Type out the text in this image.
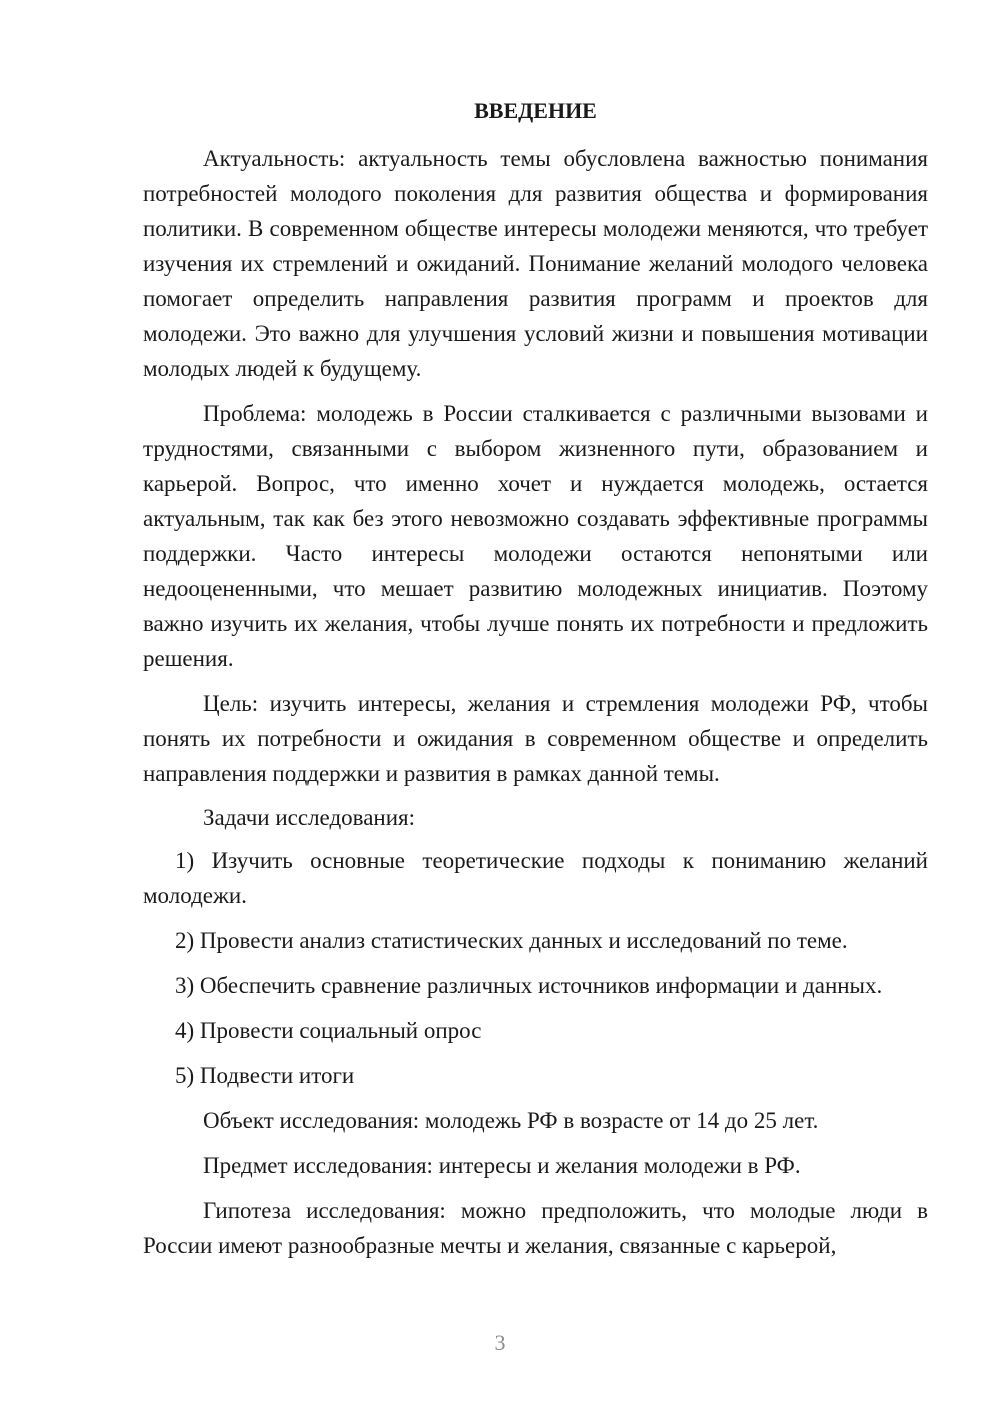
ВВЕДЕНИЕ

Актуальность: актуальность темы обусловлена важностью понимания потребностей молодого поколения для развития общества и формирования политики. В современном обществе интересы молодежи меняются, что требует изучения их стремлений и ожиданий. Понимание желаний молодого человека помогает определить направления развития программ и проектов для молодежи. Это важно для улучшения условий жизни и повышения мотивации молодых людей к будущему.

Проблема: молодежь в России сталкивается с различными вызовами и трудностями, связанными с выбором жизненного пути, образованием и карьерой. Вопрос, что именно хочет и нуждается молодежь, остается актуальным, так как без этого невозможно создавать эффективные программы поддержки. Часто интересы молодежи остаются непонятыми или недооцененными, что мешает развитию молодежных инициатив. Поэтому важно изучить их желания, чтобы лучше понять их потребности и предложить решения.

Цель: изучить интересы, желания и стремления молодежи РФ, чтобы понять их потребности и ожидания в современном обществе и определить направления поддержки и развития в рамках данной темы.

Задачи исследования:

1) Изучить основные теоретические подходы к пониманию желаний молодежи.

2) Провести анализ статистических данных и исследований по теме.

3) Обеспечить сравнение различных источников информации и данных.

4) Провести социальный опрос

5) Подвести итоги

Объект исследования: молодежь РФ в возрасте от 14 до 25 лет.

Предмет исследования: интересы и желания молодежи в РФ.

Гипотеза исследования: можно предположить, что молодые люди в России имеют разнообразные мечты и желания, связанные с карьерой,

3
